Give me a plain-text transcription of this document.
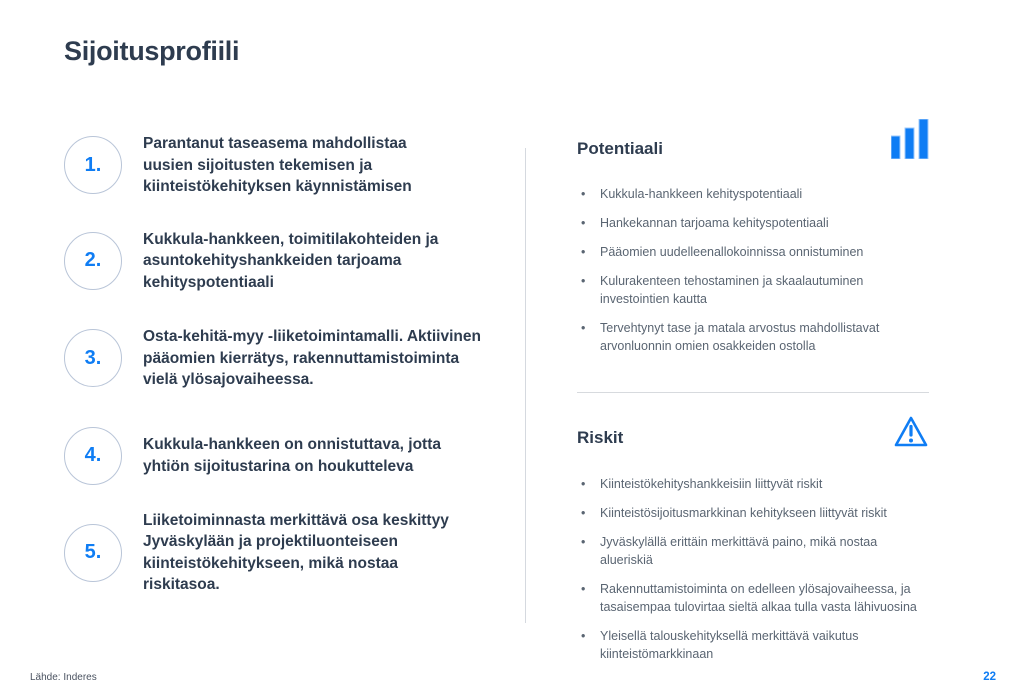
Sijoitusprofiili
1.
Parantanut taseasema mahdollistaa
uusien sijoitusten tekemisen ja
kiinteistökehityksen käynnistämisen
2.
Kukkula-hankkeen, toimitilakohteiden ja
asuntokehityshankkeiden tarjoama
kehityspotentiaali
3.
Osta-kehitä-myy -liiketoimintamalli. Aktiivinen
pääomien kierrätys, rakennuttamistoiminta
vielä ylösajovaiheessa.
4.	Kukkula-hankkeen on onnistuttava, jotta
yhtiön sijoitustarina on houkutteleva
5.
Liiketoiminnasta merkittävä osa keskittyy
Jyväskylään ja projektiluonteiseen
kiinteistökehitykseen, mikä nostaa
riskitasoa.
Potentiaali
• Kukkula-hankkeen kehityspotentiaali
• Hankekannan tarjoama kehityspotentiaali
• Pääomien uudelleenallokoinnissa onnistuminen
• Kulurakenteen tehostaminen ja skaalautuminen investointien kautta
• Tervehtynyt tase ja matala arvostus mahdollistavat arvonluonnin omien osakkeiden ostolla
Riskit
• Kiinteistökehityshankkeisiin liittyvät riskit
• Kiinteistösijoitusmarkkinan kehitykseen liittyvät riskit
• Jyväskylällä erittäin merkittävä paino, mikä nostaa alueriskiä
• Rakennuttamistoiminta on edelleen ylösajovaiheessa, ja tasaisempaa tulovirtaa sieltä alkaa tulla vasta lähivuosina
• Yleisellä talouskehityksellä merkittävä vaikutus kiinteistömarkkinaan
Lähde: Inderes	22
